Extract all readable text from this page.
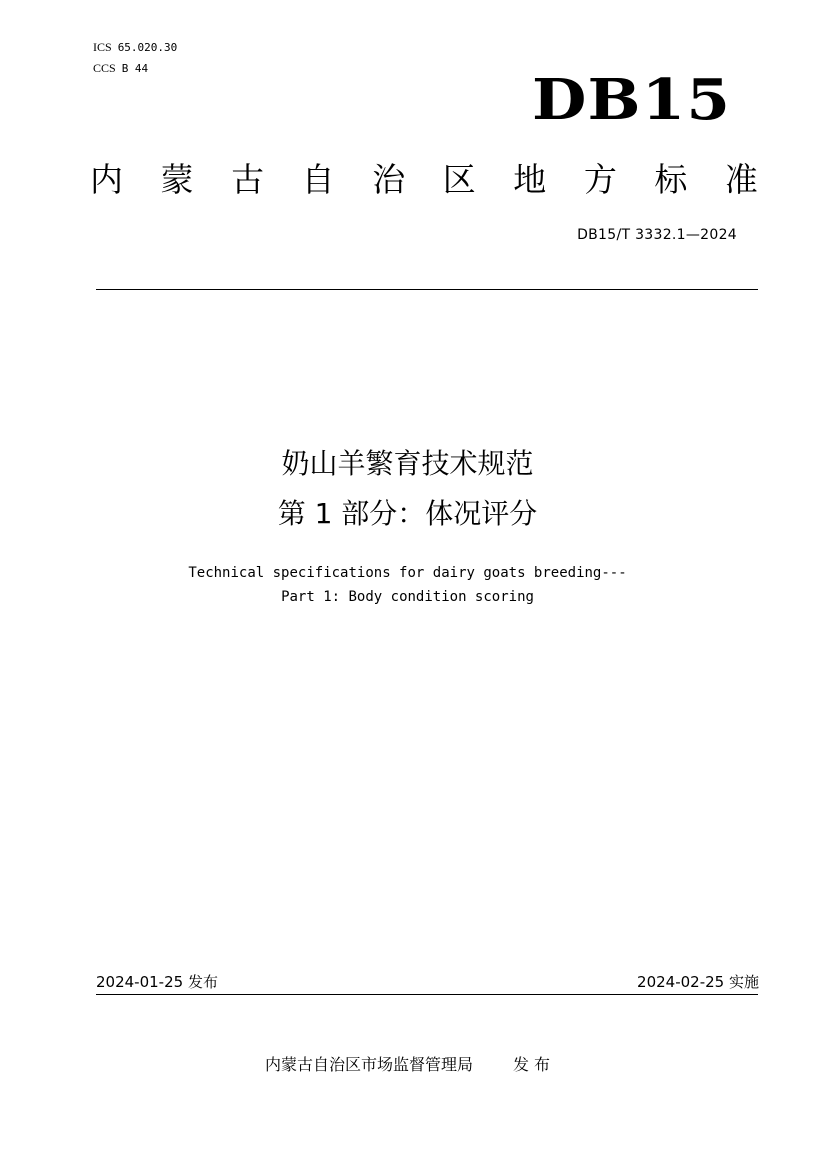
ICS 65.020.30
CCS B 44	DB15
内 蒙 古 自 治 区 地 方 标 准
DB15/T 3332.1—2024
奶山羊繁育技术规范
第 1 部分：体况评分
Technical specifications for dairy goats breeding---
Part 1: Body condition scoring
2024-01-25 发布	2024-02-25 实施
内蒙古自治区市场监督管理局	发 布
